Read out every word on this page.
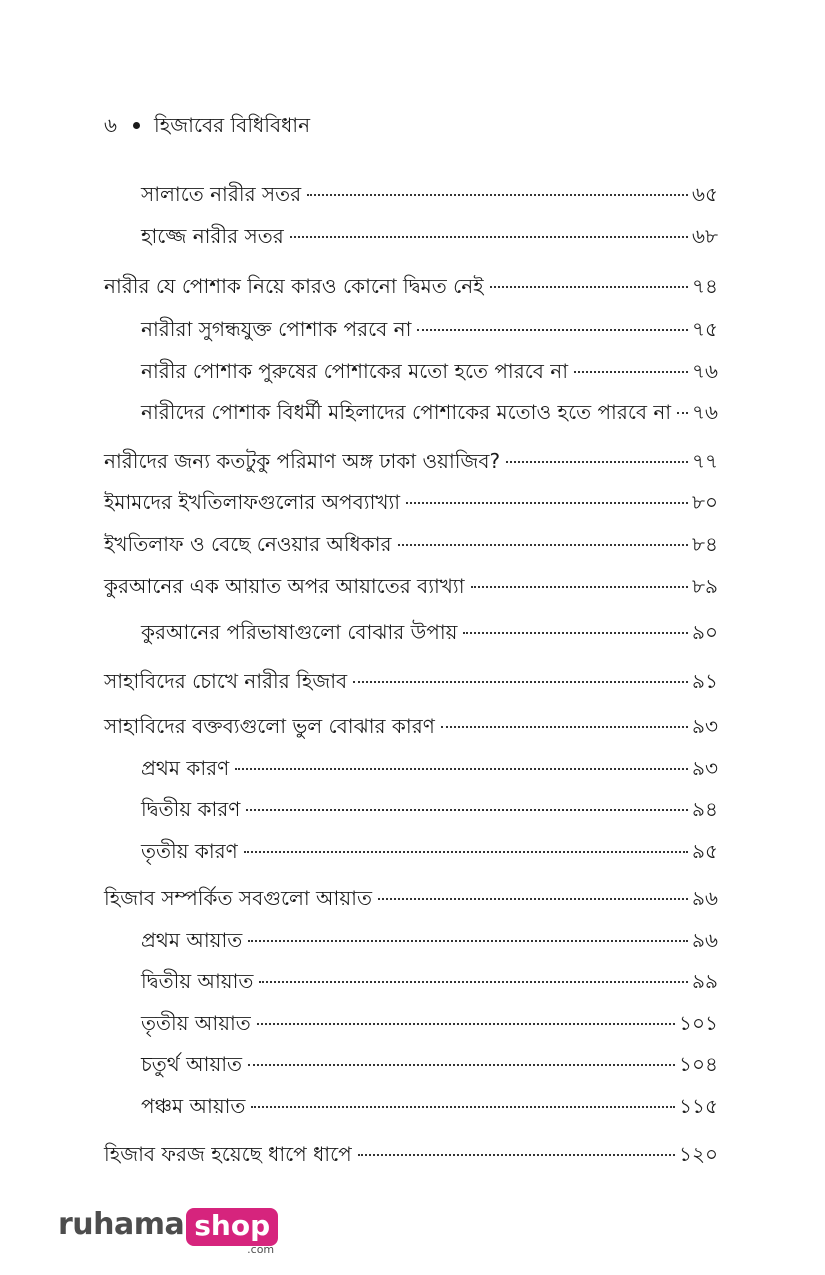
৬ হিজাবের বিধিবিধান
সালাতে নারীর সতর	৬৫
হাজ্জে নারীর সতর	৬৮
নারীর যে পোশাক নিয়ে কারও কোনো দ্বিমত নেই	৭৪
নারীরা সুগন্ধযুক্ত পোশাক পরবে না	৭৫
নারীর পোশাক পুরুষের পোশাকের মতো হতে পারবে না	৭৬
নারীদের পোশাক বিধর্মী মহিলাদের পোশাকের মতোও হতে পারবে না ৭৬
নারীদের জন্য কতটুকু পরিমাণ অঙ্গ ঢাকা ওয়াজিব?	৭৭
ইমামদের ইখতিলাফগুলোর অপব্যাখ্যা	৮০
ইখতিলাফ ও বেছে নেওয়ার অধিকার	৮৪
কুরআনের এক আয়াত অপর আয়াতের ব্যাখ্যা	৮৯
কুরআনের পরিভাষাগুলো বোঝার উপায়	৯০
সাহাবিদের চোখে নারীর হিজাব	৯১
সাহাবিদের বক্তব্যগুলো ভুল বোঝার কারণ	৯৩
প্রথম কারণ	৯৩
দ্বিতীয় কারণ	৯৪
তৃতীয় কারণ	৯৫
হিজাব সম্পর্কিত সবগুলো আয়াত	৯৬
প্রথম আয়াত	৯৬
দ্বিতীয় আয়াত	৯৯
তৃতীয় আয়াত	১০১
চতুর্থ আয়াত	১০৪
পঞ্চম আয়াত	১১৫
হিজাব ফরজ হয়েছে ধাপে ধাপে	১২০
ruhama shop
.com
